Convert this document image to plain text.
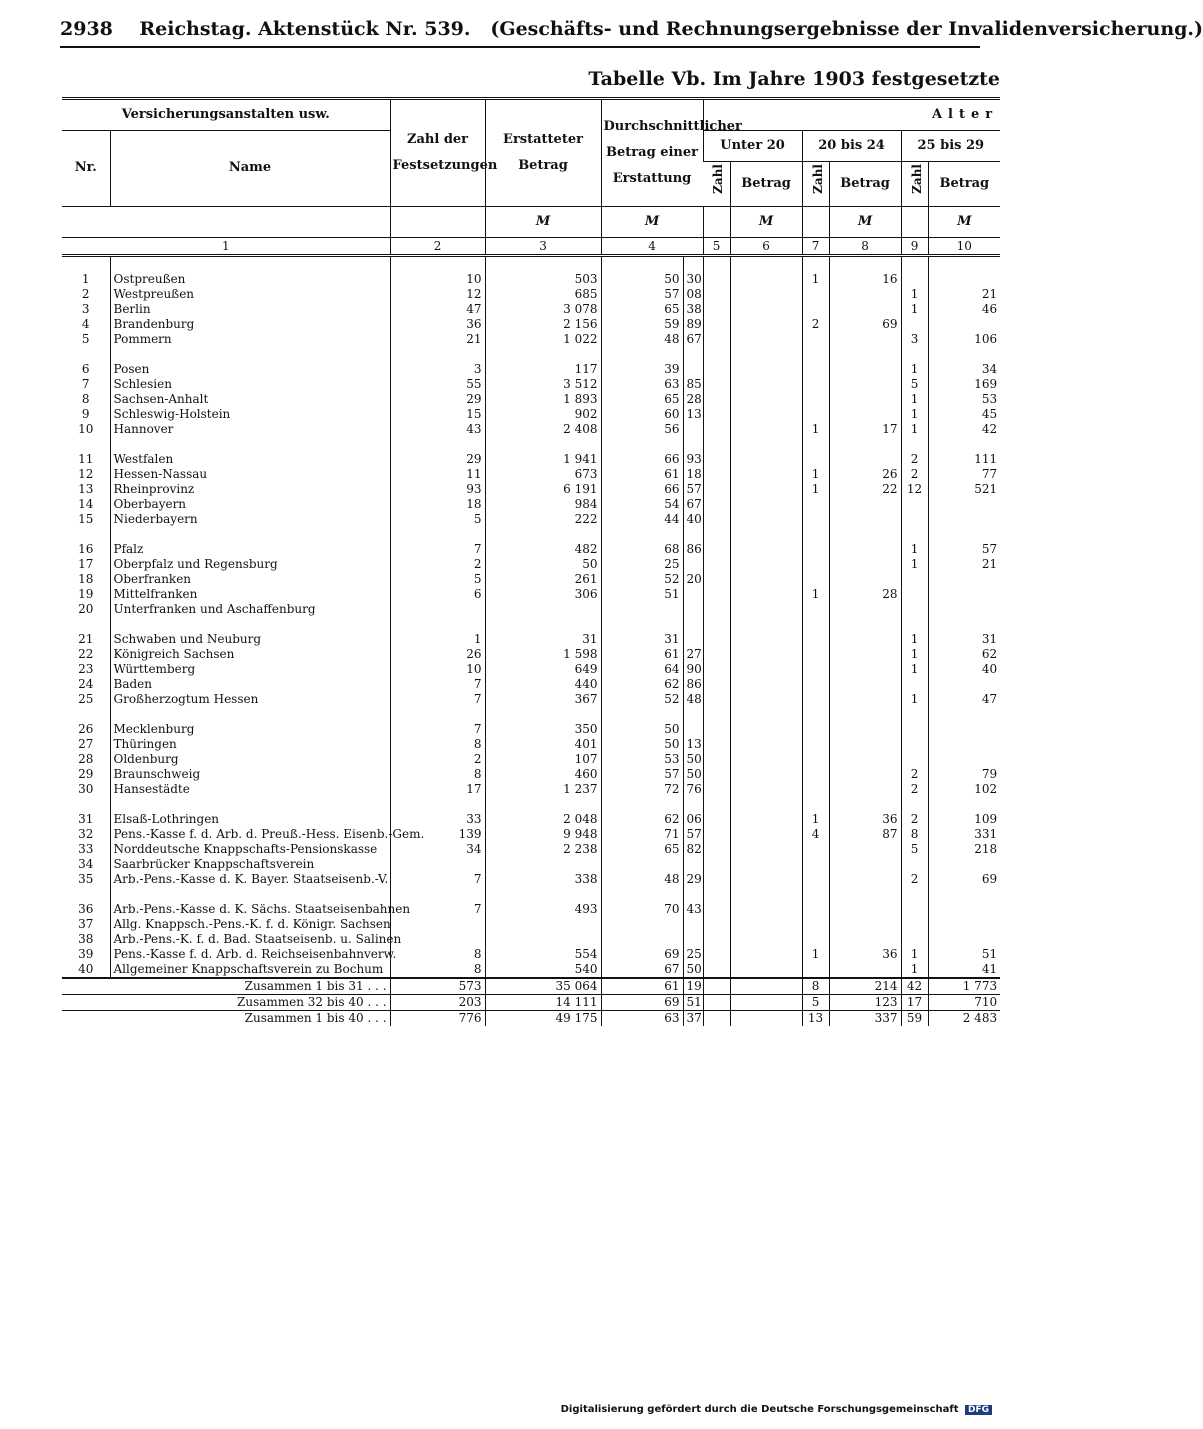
2938 Reichstag. Aktenstück Nr. 539. (Geschäfts- und Rechnungsergebnisse der Invalidenversicherung.)
Tabelle Vb. Im Jahre 1903 festgesetzte
Versicherungsanstalten usw.		Zahl der Festsetzungen	Erstatteter Betrag	Durchschnittlicher Betrag einer Erstattung		Alter					
Nr.	Name					Unter 20		20 bis 24		25 bis 29	
						Zahl	Betrag	Zahl	Betrag	Zahl	Betrag
			M	M			M		M		M
1		2	3	4		5	6	7	8	9	10

1	Ostpreußen	10	503	50	30			1	16		
2	Westpreußen	12	685	57	08					1	21
3	Berlin	47	3 078	65	38					1	46
4	Brandenburg	36	2 156	59	89			2	69		
5	Pommern	21	1 022	48	67					3	106

6	Posen	3	117	39						1	34
7	Schlesien	55	3 512	63	85					5	169
8	Sachsen-Anhalt	29	1 893	65	28					1	53
9	Schleswig-Holstein	15	902	60	13					1	45
10	Hannover	43	2 408	56				1	17	1	42

11	Westfalen	29	1 941	66	93					2	111
12	Hessen-Nassau	11	673	61	18			1	26	2	77
13	Rheinprovinz	93	6 191	66	57			1	22	12	521
14	Oberbayern	18	984	54	67						
15	Niederbayern	5	222	44	40						

16	Pfalz	7	482	68	86					1	57
17	Oberpfalz und Regensburg	2	50	25						1	21
18	Oberfranken	5	261	52	20						
19	Mittelfranken	6	306	51				1	28		
20	Unterfranken und Aschaffenburg										

21	Schwaben und Neuburg	1	31	31						1	31
22	Königreich Sachsen	26	1 598	61	27					1	62
23	Württemberg	10	649	64	90					1	40
24	Baden	7	440	62	86						
25	Großherzogtum Hessen	7	367	52	48					1	47

26	Mecklenburg	7	350	50							
27	Thüringen	8	401	50	13						
28	Oldenburg	2	107	53	50						
29	Braunschweig	8	460	57	50					2	79
30	Hansestädte	17	1 237	72	76					2	102

31	Elsaß-Lothringen	33	2 048	62	06			1	36	2	109
32	Pens.-Kasse f. d. Arb. d. Preuß.-Hess. Eisenb.-Gem.	139	9 948	71	57			4	87	8	331
33	Norddeutsche Knappschafts-Pensionskasse	34	2 238	65	82					5	218
34	Saarbrücker Knappschaftsverein										
35	Arb.-Pens.-Kasse d. K. Bayer. Staatseisenb.-V.	7	338	48	29					2	69

36	Arb.-Pens.-Kasse d. K. Sächs. Staatseisenbahnen	7	493	70	43						
37	Allg. Knappsch.-Pens.-K. f. d. Königr. Sachsen										
38	Arb.-Pens.-K. f. d. Bad. Staatseisenb. u. Salinen										
39	Pens.-Kasse f. d. Arb. d. Reichseisenbahnverw.	8	554	69	25			1	36	1	51
40	Allgemeiner Knappschaftsverein zu Bochum	8	540	67	50					1	41
Zusammen 1 bis 31 . . .		573	35 064	61	19			8	214	42	1 773
Zusammen 32 bis 40 . . .		203	14 111	69	51			5	123	17	710
Zusammen 1 bis 40 . . .		776	49 175	63	37			13	337	59	2 483
Digitalisierung gefördert durch die Deutsche Forschungsgemeinschaft DFG
